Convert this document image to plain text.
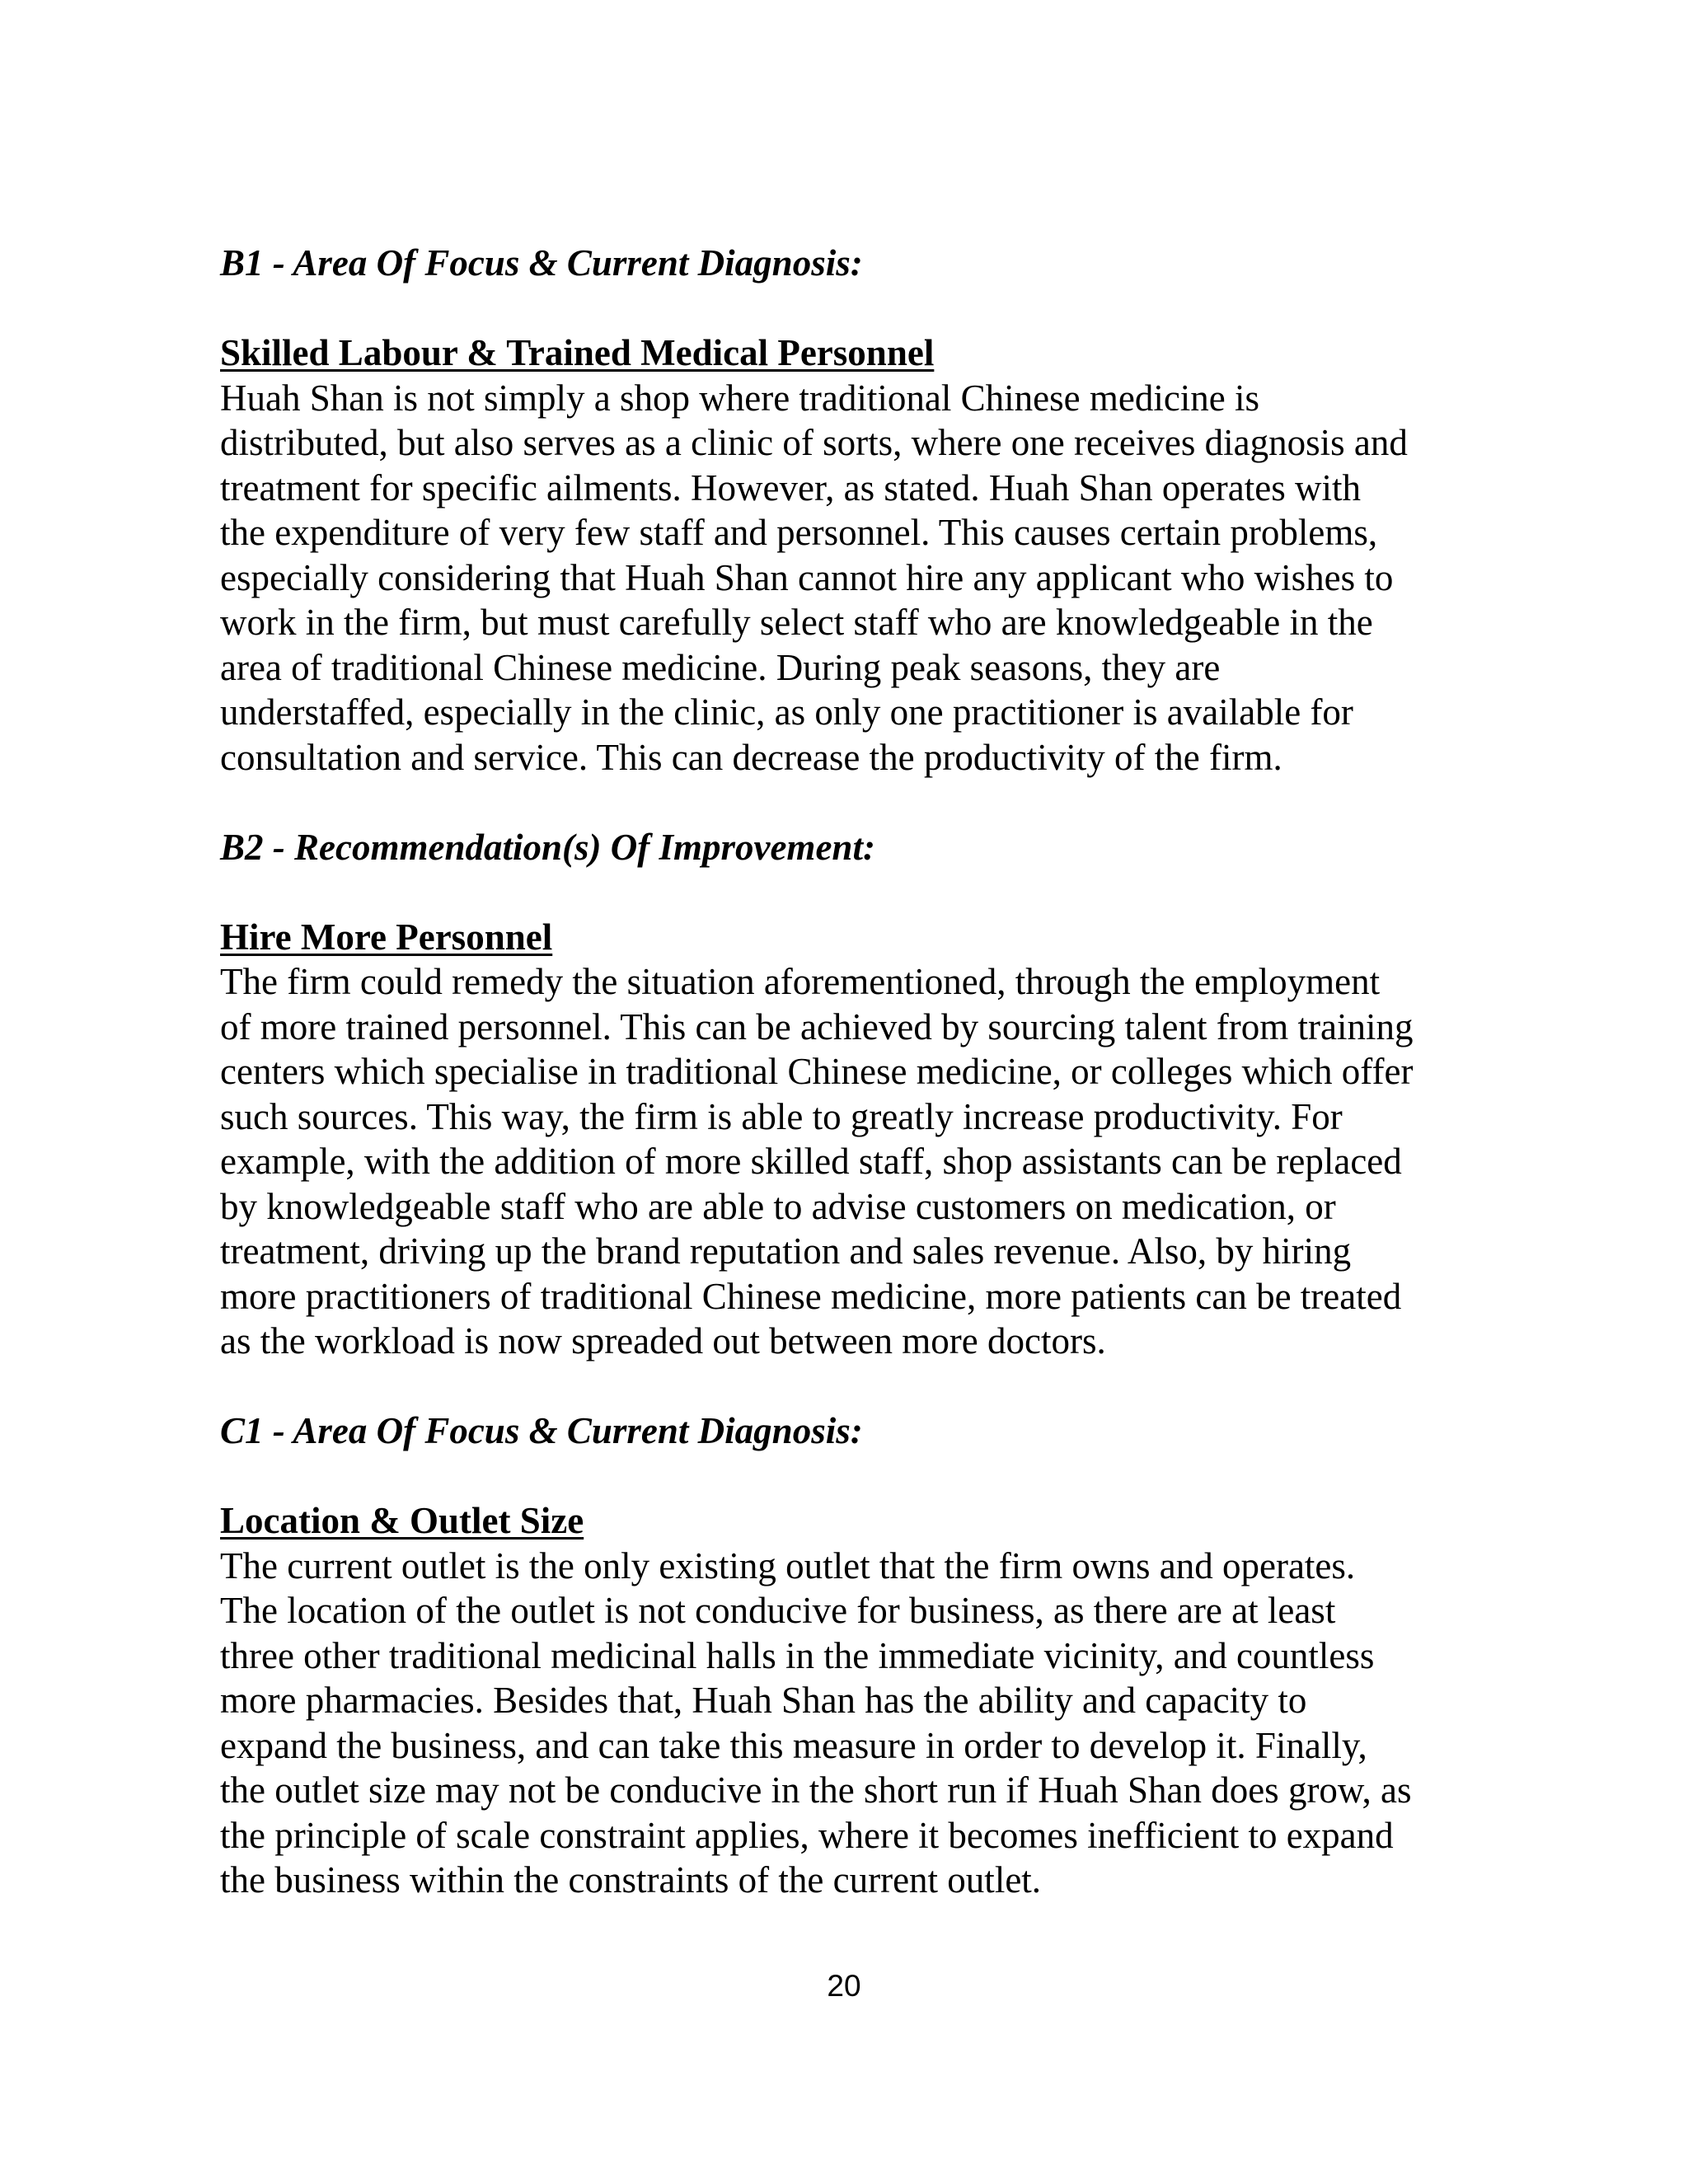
B1 - Area Of Focus & Current Diagnosis:

Skilled Labour & Trained Medical Personnel

Huah Shan is not simply a shop where traditional Chinese medicine is

distributed, but also serves as a clinic of sorts, where one receives diagnosis and

treatment for specific ailments. However, as stated. Huah Shan operates with

the expenditure of very few staff and personnel. This causes certain problems,

especially considering that Huah Shan cannot hire any applicant who wishes to

work in the firm, but must carefully select staff who are knowledgeable in the

area of traditional Chinese medicine. During peak seasons, they are

understaffed, especially in the clinic, as only one practitioner is available for

consultation and service. This can decrease the productivity of the firm.

B2 - Recommendation(s) Of Improvement:

Hire More Personnel

The firm could remedy the situation aforementioned, through the employment

of more trained personnel. This can be achieved by sourcing talent from training

centers which specialise in traditional Chinese medicine, or colleges which offer

such sources. This way, the firm is able to greatly increase productivity. For

example, with the addition of more skilled staff, shop assistants can be replaced

by knowledgeable staff who are able to advise customers on medication, or

treatment, driving up the brand reputation and sales revenue. Also, by hiring

more practitioners of traditional Chinese medicine, more patients can be treated

as the workload is now spreaded out between more doctors.

C1 - Area Of Focus & Current Diagnosis:

Location & Outlet Size

The current outlet is the only existing outlet that the firm owns and operates.

The location of the outlet is not conducive for business, as there are at least

three other traditional medicinal halls in the immediate vicinity, and countless

more pharmacies. Besides that, Huah Shan has the ability and capacity to

expand the business, and can take this measure in order to develop it. Finally,

the outlet size may not be conducive in the short run if Huah Shan does grow, as

the principle of scale constraint applies, where it becomes inefficient to expand

the business within the constraints of the current outlet.

20
